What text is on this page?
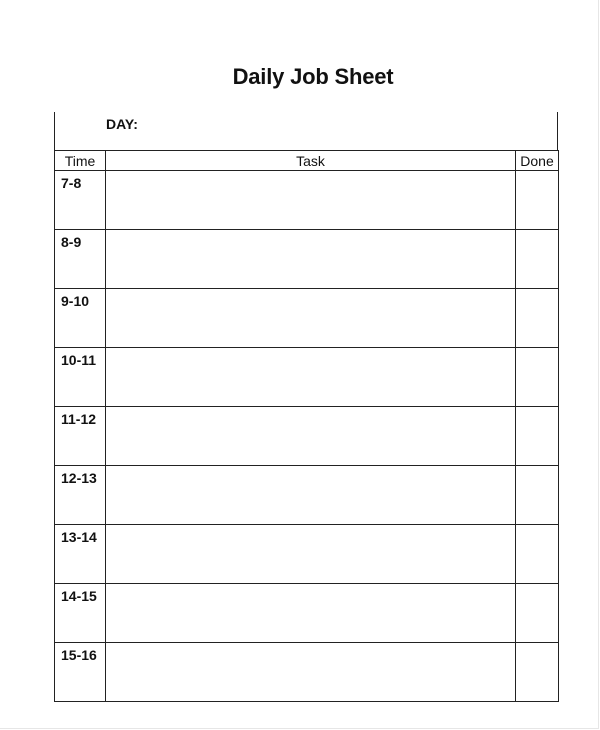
Daily Job Sheet
DAY:
Time	Task	Done
7-8		
8-9		
9-10		
10-11		
11-12		
12-13		
13-14		
14-15		
15-16		
